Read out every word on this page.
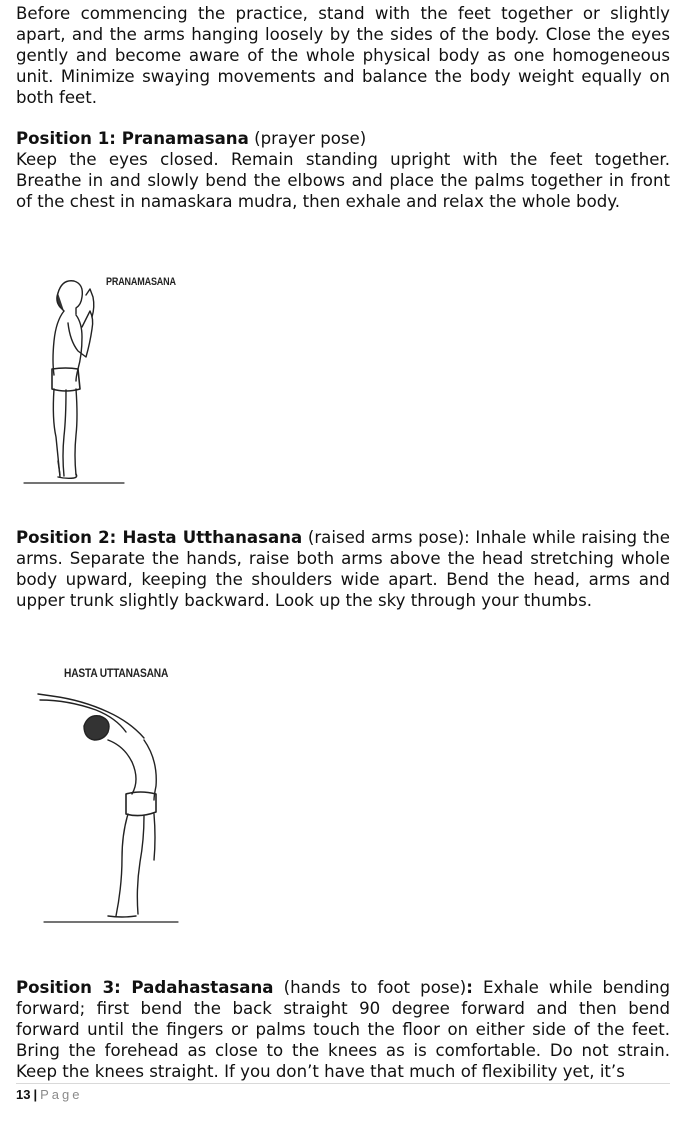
Before commencing the practice, stand with the feet together or slightly apart, and the arms hanging loosely by the sides of the body. Close the eyes gently and become aware of the whole physical body as one homogeneous unit. Minimize swaying movements and balance the body weight equally on both feet.

Position 1: Pranamasana (prayer pose)
Keep the eyes closed. Remain standing upright with the feet together. Breathe in and slowly bend the elbows and place the palms together in front of the chest in namaskara mudra, then exhale and relax the whole body.

PRANAMASANA

Position 2: Hasta Utthanasana (raised arms pose): Inhale while raising the arms. Separate the hands, raise both arms above the head stretching whole body upward, keeping the shoulders wide apart. Bend the head, arms and upper trunk slightly backward. Look up the sky through your thumbs.

HASTA UTTANASANA

Position 3: Padahastasana (hands to foot pose): Exhale while bending forward; first bend the back straight 90 degree forward and then bend forward until the fingers or palms touch the floor on either side of the feet. Bring the forehead as close to the knees as is comfortable. Do not strain. Keep the knees straight. If you don’t have that much of flexibility yet, it’s

13 | Page
